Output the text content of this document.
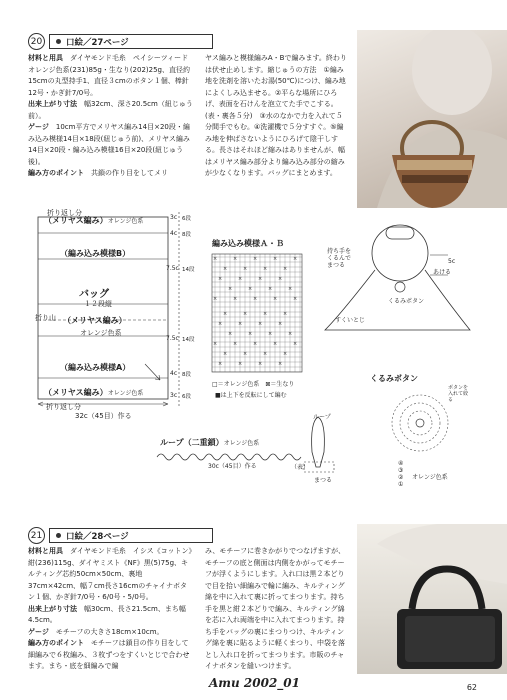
20	口絵／27ページ
材料と用具　 ダイヤモンド毛糸　ペイシーツィード　オレンジ色系(231)85g・生なり(202)25g、直径約15cmの丸型持手1、直径３cmのボタン１個、棒針12号・かぎ針7/0号。
出来上がり寸法　 幅32cm、深さ20.5cm（紐じゅう前）。
ゲージ　 10cm平方でメリヤス編み14目×20段・編み込み模様14目×18段(紐じゅう前)、メリヤス編み14目×20段・編み込み模様16目×20段(紐じゅう後)。
編み方のポイント　 共鎖の作り目をしてメリ
ヤス編みと模様編みA・Bで編みます。終わりは伏せ止めします。縮じゅうの方法　①編み地を洗剤を溶いたお湯(50℃)につけ、編み地によくしみ込ませる。②平らな場所にひろげ、表面を石けんを泡立てた手でこする。(表・裏各５分)　③水のなかで力を入れて５分間手でもむ。④洗濯機で５分すすぐ。⑤編み地を伸ばさないようにひろげて陰干しする。長さはそれほど縮みはありませんが、幅はメリヤス編み部分より編み込み部分の縮みが少なくなります。バッグにまとめます。
折り返し分
（メリヤス編み）オレンジ色系
（編み込み模様B）
バッグ
１２段縦
折り山 （メリヤス編み）
オレンジ色系
（編み込み模様A）
（メリヤス編み）オレンジ色系
折り返し分
32c（45目）作る
3c
4c
7.5c
7.5c
4c
3c
6段
8段
14段
14段
8段
6段
編み込み模様Ａ・Ｂ
×	×	×	×	×
×	×	×	×
×	×	×	×
×	×	×	×
×	×	×	×	×
×	×	×	×
×	×	×	×
×	×	×	×
×	×	×	×	×
×	×	×	×
×	×	×	×
□＝オレンジ色系　 ⊠＝生なり
■は上下を反転にして編む
持ち手を くるんで まつる
5c
あける
くるみボタン
すくいとじ
くるみボタン
ボタンを入れて絞る
④
③
②
①
オレンジ色系
ループ（二重鎖）オレンジ色系
30c（45目）作る
ループ
（表）
まつる
21	口絵／28ページ
材料と用具　 ダイヤモンド毛糸　イシス《コットン》紺(236)115g、ダイヤミスト《NF》黒(5)75g、キルティング芯約50cm×50cm、裏地37cm×42cm、幅７cm長さ16cmのチャイナボタン１個、かぎ針7/0号・6/0号・5/0号。
出来上がり寸法　 幅30cm、長さ21.5cm、まち幅4.5cm。
ゲージ　 モチーフの大きさ18cm×10cm。
編み方のポイント　 モチーフは鎖目の作り目をして細編みで６枚編み、３枚ずつをすくいとじで合わせます。まち・底を細編みで編
み、モチーフに巻きかがりでつなげますが、モチーフの底と側面は内側をかがってモチーフが浮くようにします。入れ口は黒２本どりで目を拾い細編みで輪に編み、キルティング綿を中に入れて裏に折ってまつります。持ち手を黒と紺２本どりで編み、キルティング綿を芯に入れ両端を中に入れてまつります。持ち手をバッグの裏にまつりつけ、キルティング綿を裏に貼るように軽くまつり、中袋を落とし入れ口を折ってまつります。市販のチャイナボタンを縫いつけます。
Amu 2002_01	62
